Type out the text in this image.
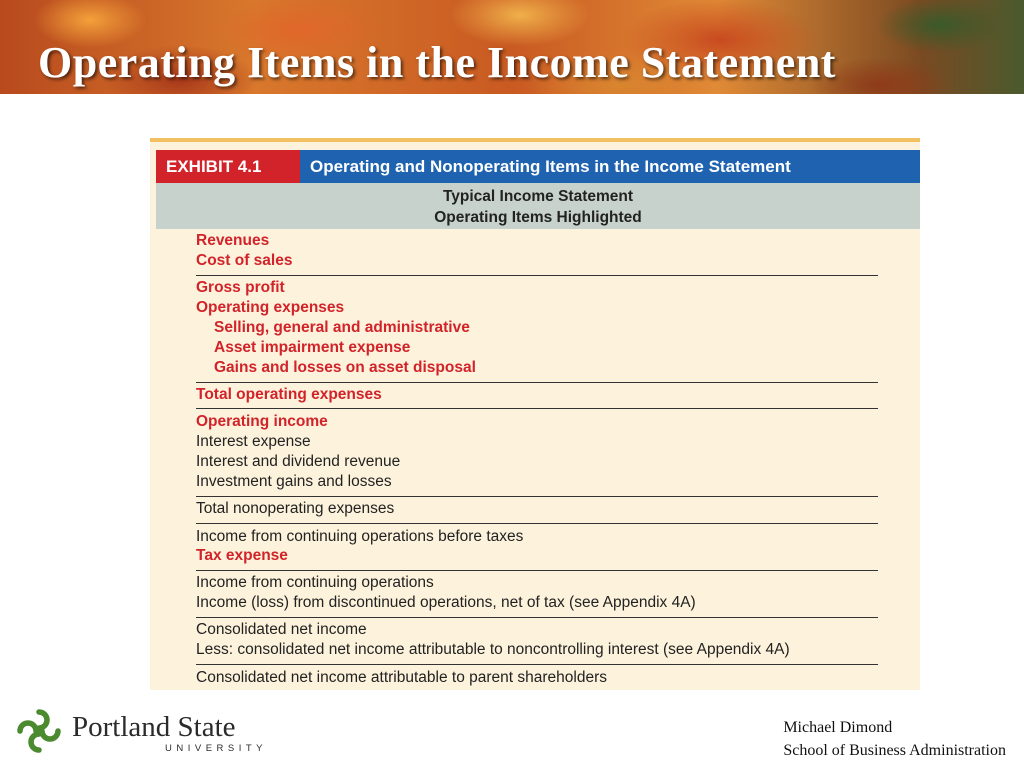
Operating Items in the Income Statement
EXHIBIT 4.1	Operating and Nonoperating Items in the Income Statement
Typical Income Statement
Operating Items Highlighted
Revenues
Cost of sales
Gross profit
Operating expenses
Selling, general and administrative
Asset impairment expense
Gains and losses on asset disposal
Total operating expenses
Operating income
Interest expense
Interest and dividend revenue
Investment gains and losses
Total nonoperating expenses
Income from continuing operations before taxes
Tax expense
Income from continuing operations
Income (loss) from discontinued operations, net of tax (see Appendix 4A)
Consolidated net income
Less: consolidated net income attributable to noncontrolling interest (see Appendix 4A)
Consolidated net income attributable to parent shareholders
Portland State
UNIVERSITY
Michael Dimond
School of Business Administration
